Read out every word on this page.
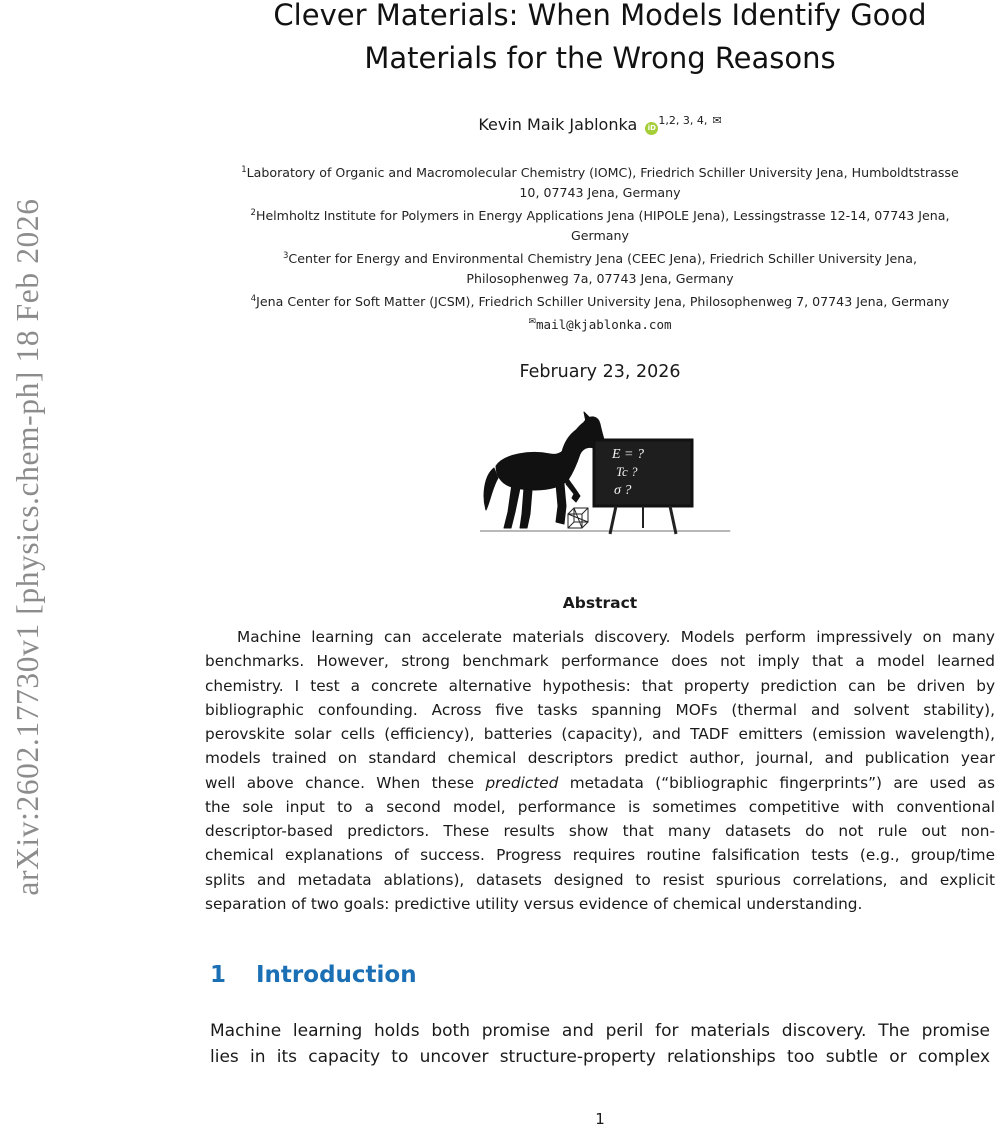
arXiv:2602.17730v1 [physics.chem-ph] 18 Feb 2026
Clever Materials: When Models Identify Good
Materials for the Wrong Reasons
Kevin Maik Jablonka $iD^{1,2, 3, 4,}$ ✉
$^1$Laboratory of Organic and Macromolecular Chemistry (IOMC), Friedrich Schiller University Jena, Humboldtstrasse
10, 07743 Jena, Germany
$^2$Helmholtz Institute for Polymers in Energy Applications Jena (HIPOLE Jena), Lessingstrasse 12-14, 07743 Jena,
Germany
$^3$Center for Energy and Environmental Chemistry Jena (CEEC Jena), Friedrich Schiller University Jena,
Philosophenweg 7a, 07743 Jena, Germany
$^4$Jena Center for Soft Matter (JCSM), Friedrich Schiller University Jena, Philosophenweg 7, 07743 Jena, Germany
✉mail@kjablonka.com
February 23, 2026
E = ?
Tc ?
σ ?
Abstract
Machine learning can accelerate materials discovery. Models perform impressively on many
benchmarks. However, strong benchmark performance does not imply that a model learned
chemistry. I test a concrete alternative hypothesis: that property prediction can be driven by
bibliographic confounding. Across five tasks spanning MOFs (thermal and solvent stability),
perovskite solar cells (efficiency), batteries (capacity), and TADF emitters (emission wavelength),
models trained on standard chemical descriptors predict author, journal, and publication year
well above chance. When these predicted metadata (“bibliographic fingerprints”) are used as
the sole input to a second model, performance is sometimes competitive with conventional
descriptor-based predictors. These results show that many datasets do not rule out non-
chemical explanations of success. Progress requires routine falsification tests (e.g., group/time
splits and metadata ablations), datasets designed to resist spurious correlations, and explicit
separation of two goals: predictive utility versus evidence of chemical understanding.
1 Introduction
Machine learning holds both promise and peril for materials discovery. The promise
lies in its capacity to uncover structure-property relationships too subtle or complex
1
